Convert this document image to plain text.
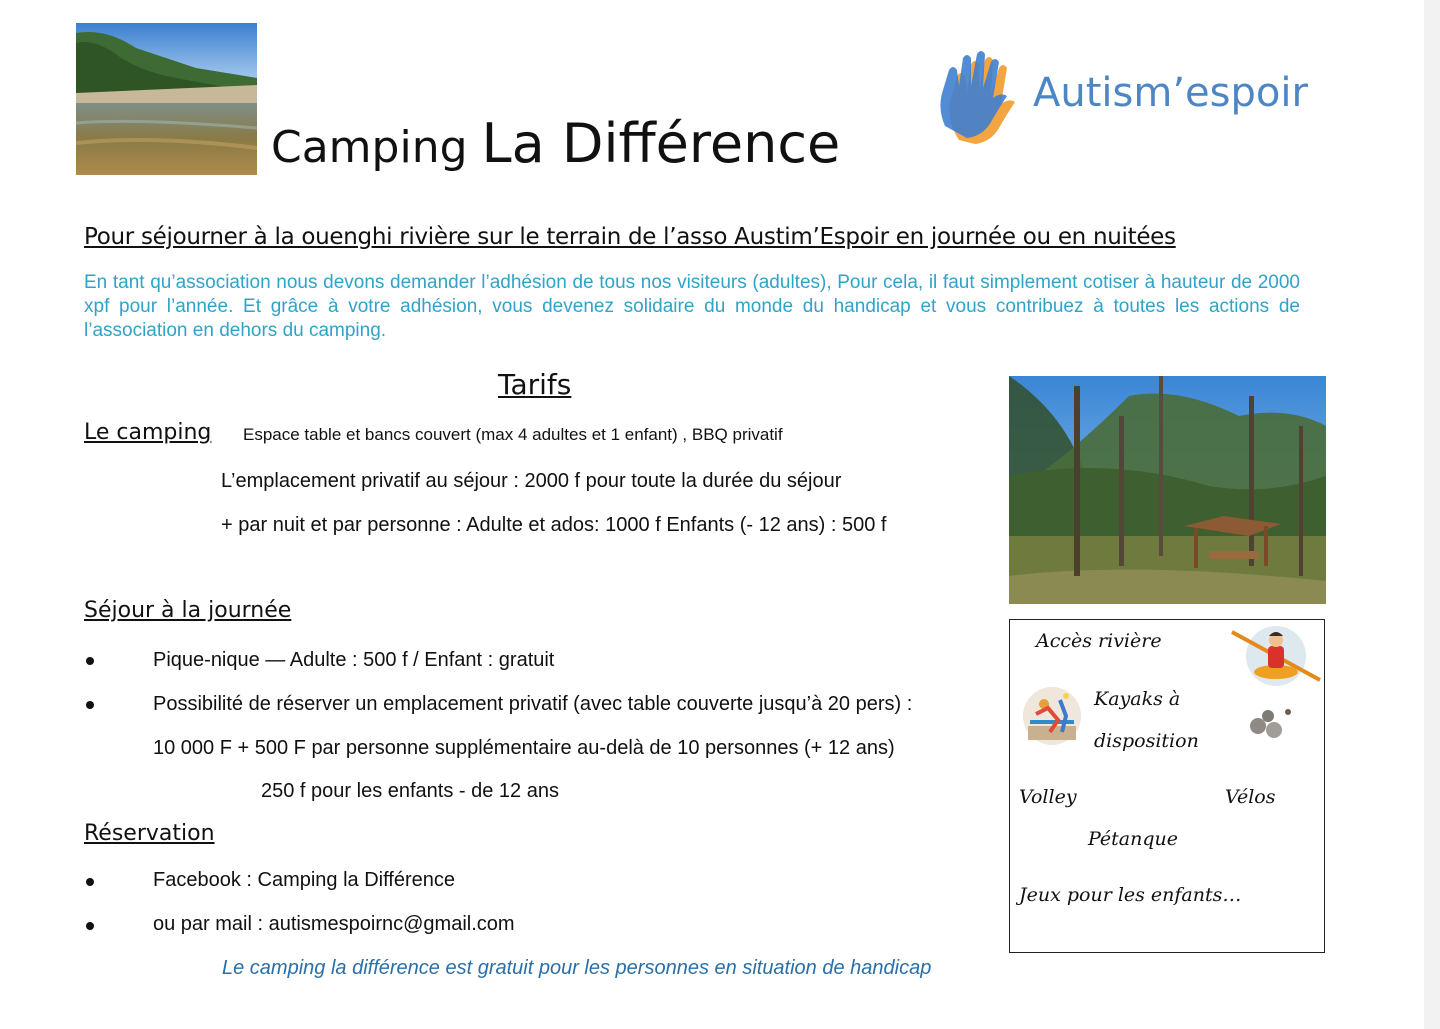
Camping La Différence
Autism’espoir
Pour séjourner à la ouenghi rivière sur le terrain de l’asso Austim’Espoir en journée ou en nuitées
En tant qu’association nous devons demander l’adhésion de tous nos visiteurs (adultes), Pour cela, il faut simplement cotiser à hauteur de 2000 xpf pour l’année. Et grâce à votre adhésion, vous devenez solidaire du monde du handicap et vous contribuez à toutes les actions de l’association en dehors du camping.
Tarifs
Le camping Espace table et bancs couvert (max 4 adultes et 1 enfant) , BBQ privatif
L’emplacement privatif au séjour : 2000 f pour toute la durée du séjour
+ par nuit et par personne : Adulte et ados: 1000 f Enfants (- 12 ans) : 500 f
Séjour à la journée
Pique-nique — Adulte : 500 f / Enfant : gratuit
Possibilité de réserver un emplacement privatif (avec table couverte jusqu’à 20 pers) :
10 000 F + 500 F par personne supplémentaire au-delà de 10 personnes (+ 12 ans)
250 f pour les enfants - de 12 ans
Réservation
Facebook : Camping la Différence
ou par mail : autismespoirnc@gmail.com
Le camping la différence est gratuit pour les personnes en situation de handicap
Accès rivière
Kayaks à
disposition
Volley	Vélos
Pétanque
Jeux pour les enfants…
